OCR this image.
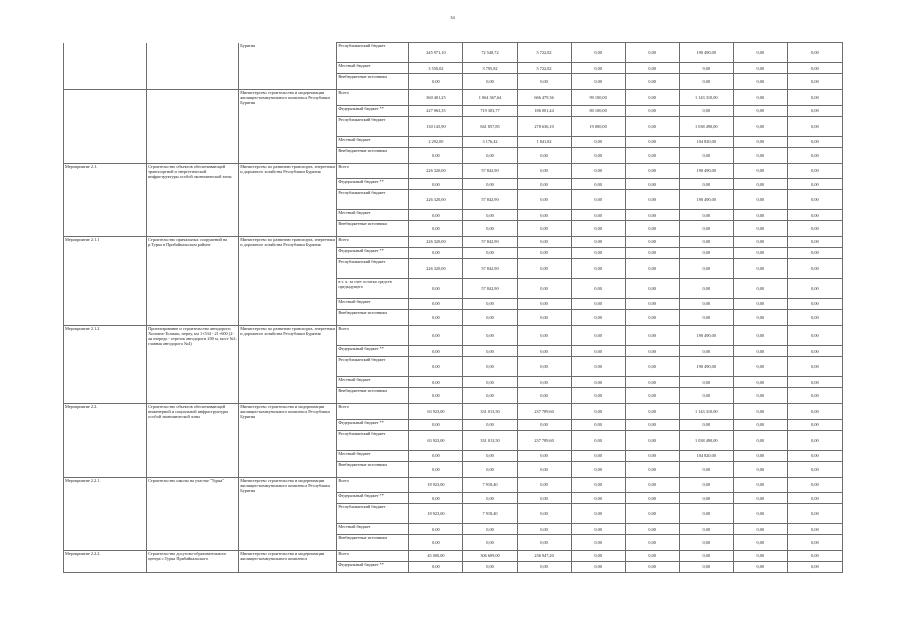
34
		Бурятия	Республиканский бюджет	245 971,10	72 548,72	5 722,82	0,00	0,00	190 490,00	0,00	0,00
			Местный бюджет	3 550,02	3 795,82	5 722,82	0,00	0,00	9,00	0,00	0,00
			Внебюджетные источники	0,00	0,00	0,00	0,00	0,00	0,00	0,00	0,00
		Министерство строительства и модернизации жилищно-коммунального комплекса Республики Бурятия	Всего	360 401,25	1 064 367,64	666 479,36	99 100,00	0,00	1 143 310,00	0,00	0,00
			Федеральный бюджет **	227 963,35	719 303,77	186 001,44	80 100,00	0,00	0,00	0,00	0,00
			Республиканский бюджет	130 145,90	841 857,85	278 636,10	19 000,00	0,00	1 038 490,00	0,00	0,00
			Местный бюджет	2 292,00	3 176,42	1 841,82	0,00	0,00	104 820,00	0,00	0,00
			Внебюджетные источники	0,00	0,00	0,00	0,00	0,00	0,00	0,00	0,00
Мероприятие 2.1.	Строительство объектов обеспечивающей транспортной и энергетической инфраструктуры особой экономической зоны	Министерство по развитию транспорта, энергетики и дорожного хозяйства Республики Бурятия	Всего	226 320,00	57 842,90	0,00	0,00	0,00	190 490,00	0,00	0,00
			Федеральный бюджет **	0,00	0,00	0,00	0,00	0,00	0,00	0,00	0,00
			Республиканский бюджет	226 320,00	57 842,90	0,00	0,00	0,00	190 490,00	0,00	0,00
			Местный бюджет	0,00	0,00	0,00	0,00	0,00	0,00	0,00	0,00
			Внебюджетные источники	0,00	0,00	0,00	0,00	0,00	0,00	0,00	0,00
Мероприятие 2.1.1	Строительство причальных сооружений на р.Турка в Прибайкальском районе	Министерство по развитию транспорта, энергетики и дорожного хозяйства Республики Бурятия	Всего	226 320,00	57 842,90	0,00	0,00	0,00	0,00	0,00	0,00
			Федеральный бюджет **	0,00	0,00	0,00	0,00	0,00	0,00	0,00	0,00
			Республиканский бюджет	226 320,00	57 842,90	0,00	0,00	0,00	0,00	0,00	0,00
			в т. ч. за счет остатка средств предыдущего	0,00	57 842,90	0,00	0,00	0,00	0,00	0,00	0,00
			Местный бюджет	0,00	0,00	0,00	0,00	0,00	0,00	0,00	0,00
			Внебюджетные источники	0,00	0,00	0,00	0,00	0,00	0,00	0,00	0,00
Мероприятие 2.1.2	Проектирование и строительство автодороги Хилгана-Толмаш, нерпу, км 1+534 - 21+600 (2-ая очередь - отрезок автодороги 200 м, мост №1, главная автодорога №4)	Министерство по развитию транспорта, энергетики и дорожного хозяйства Республики Бурятия	Всего	0,00	0,00	0,00	0,00	0,00	190 490,00	0,00	0,00
			Федеральный бюджет **	0,00	0,00	0,00	0,00	0,00	0,00	0,00	0,00
			Республиканский бюджет	0,00	0,00	0,00	0,00	0,00	190 490,00	0,00	0,00
			Местный бюджет	0,00	0,00	0,00	0,00	0,00	0,00	0,00	0,00
			Внебюджетные источники	0,00	0,00	0,00	0,00	0,00	0,00	0,00	0,00
Мероприятие 2.2.	Строительство объектов обеспечивающей инженерной и социальной инфраструктуры особой экономической зоны	Министерство строительства и модернизации жилищно-коммунального комплекса Республики Бурятия	Всего	63 923,00	331 013,50	237 789,60	0,00	0,00	1 143 310,00	0,00	0,00
			Федеральный бюджет **	0,00	0,00	0,00	0,00	0,00	0,00	0,00	0,00
			Республиканский бюджет	63 923,00	331 013,50	237 789,60	0,00	0,00	1 038 490,00	0,00	0,00
			Местный бюджет	0,00	0,00	0,00	0,00	0,00	104 820,00	0,00	0,00
			Внебюджетные источники	0,00	0,00	0,00	0,00	0,00	0,00	0,00	0,00
Мероприятие 2.2.1.	Строительство школы на участке "Турка"	Министерство строительства и модернизации жилищно-коммунального комплекса Республики Бурятия	Всего	18 923,00	7 918,40	0,00	0,00	0,00	0,00	0,00	0,00
			Федеральный бюджет **	0,00	0,00	0,00	0,00	0,00	0,00	0,00	0,00
			Республиканский бюджет	18 923,00	7 918,40	0,00	0,00	0,00	0,00	0,00	0,00
			Местный бюджет	0,00	0,00	0,00	0,00	0,00	0,00	0,00	0,00
			Внебюджетные источники	0,00	0,00	0,00	0,00	0,00	0,00	0,00	0,00
Мероприятие 2.2.2.	Строительство досугово-образовательного центра с.Турка Прибайкальского	Министерство строительства и модернизации жилищно-коммунального комплекса	Всего	45 000,00	306 609,00	236 947,20	0,00	0,00	0,00	0,00	0,00
			Федеральный бюджет **	0,00	0,00	0,00	0,00	0,00	0,00	0,00	0,00
